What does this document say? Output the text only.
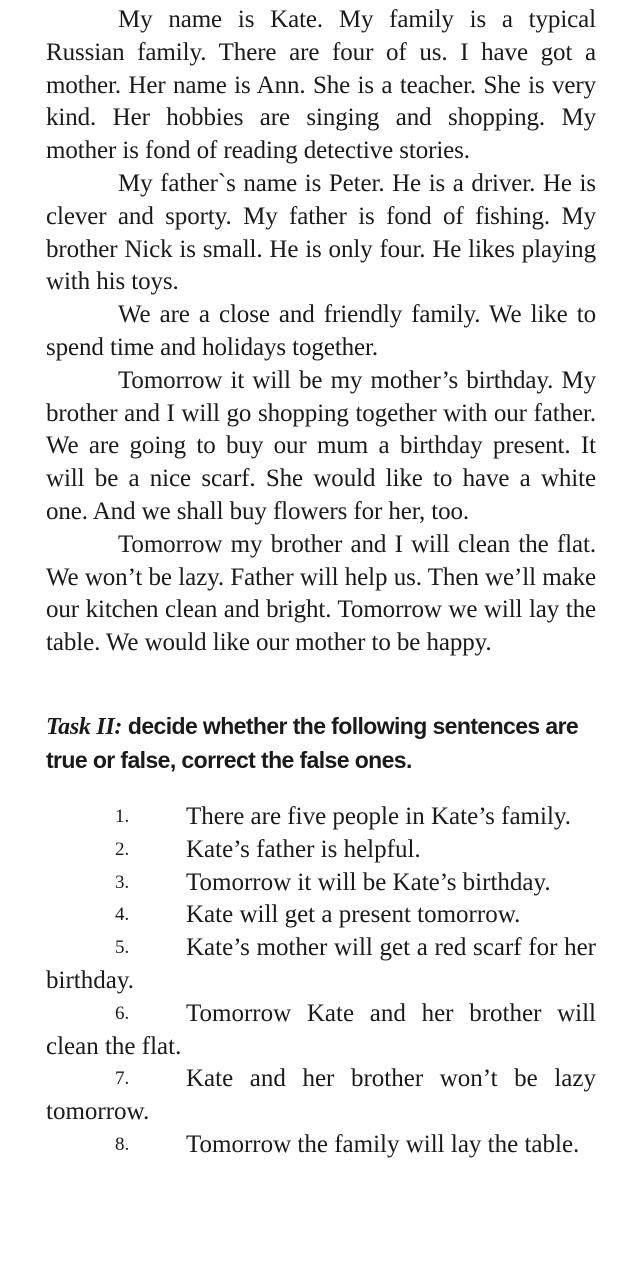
My name is Kate. My family is a typical Russian family. There are four of us. I have got a mother. Her name is Ann. She is a teacher. She is very kind. Her hobbies are singing and shopping. My mother is fond of reading detective stories.

My father`s name is Peter. He is a driver. He is clever and sporty. My father is fond of fishing. My brother Nick is small. He is only four. He likes playing with his toys.

We are a close and friendly family. We like to spend time and holidays together.

Tomorrow it will be my mother’s birthday. My brother and I will go shopping together with our father. We are going to buy our mum a birthday present. It will be a nice scarf. She would like to have a white one. And we shall buy flowers for her, too.

Tomorrow my brother and I will clean the flat. We won’t be lazy. Father will help us. Then we’ll make our kitchen clean and bright. Tomorrow we will lay the table. We would like our mother to be happy.

Task II: decide whether the following sentences are true or false, correct the false ones.

1. There are five people in Kate’s family.

2. Kate’s father is helpful.

3. Tomorrow it will be Kate’s birthday.

4. Kate will get a present tomorrow.

5. Kate’s mother will get a red scarf for her birthday.

6. Tomorrow Kate and her brother will clean the flat.

7. Kate and her brother won’t be lazy tomorrow.

8. Tomorrow the family will lay the table.
